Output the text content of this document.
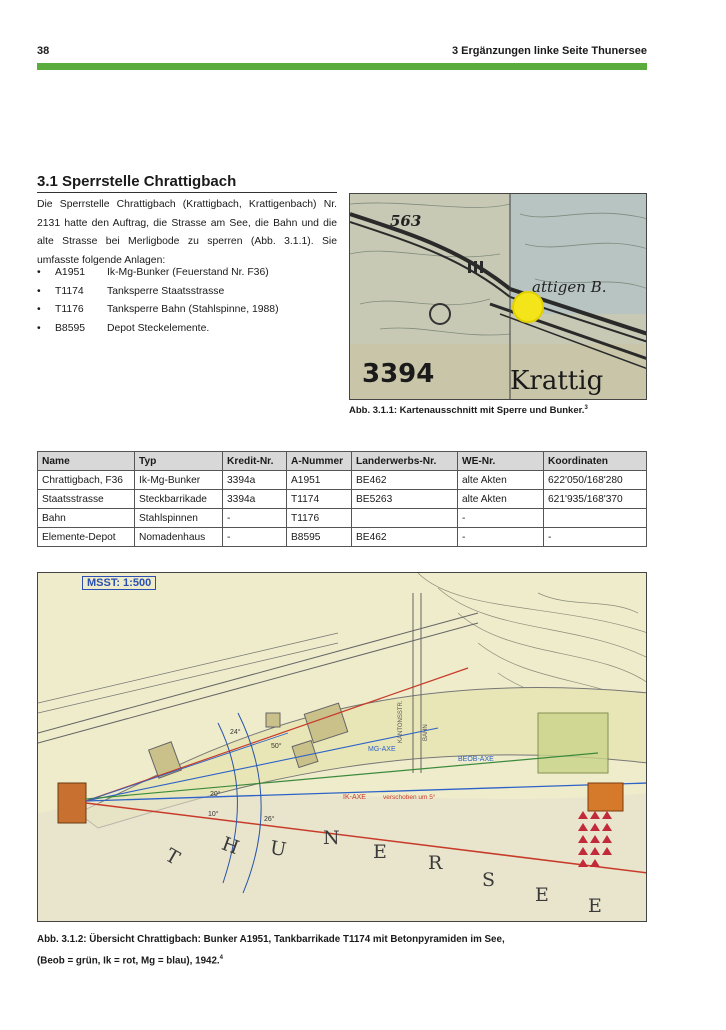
38	3 Ergänzungen linke Seite Thunersee
3.1 Sperrstelle Chrattigbach

Die Sperrstelle Chrattigbach (Krattigbach, Krattigenbach) Nr. 2131 hatte den Auftrag, die Strasse am See, die Bahn und die alte Strasse bei Merligbode zu sperren (Abb. 3.1.1). Sie umfasste folgende Anlagen:

• A1951 Ik-Mg-Bunker (Feuerstand Nr. F36)
• T1174 Tanksperre Staatsstrasse
• T1176 Tanksperre Bahn (Stahlspinne, 1988)
• B8595 Depot Steckelemente.
563
attigen B.
3394	Krattig
Abb. 3.1.1: Kartenausschnitt mit Sperre und Bunker.$^3$
Name	Typ	Kredit-Nr.	A-Nummer	Landerwerbs-Nr.	WE-Nr.	Koordinaten
Chrattigbach, F36	Ik-Mg-Bunker	3394a	A1951	BE462	alte Akten	622'050/168'280
Staatsstrasse	Steckbarrikade	3394a	T1174	BE5263	alte Akten	621'935/168'370
Bahn	Stahlspinnen	-	T1176		-	
Elemente-Depot	Nomadenhaus	-	B8595	BE462	-	-
MSST: 1:500
MG-AXE
BEOB-AXE
IK-AXE	verschoben um 5°
KANTONSSTR.	BAHN
24°
20°
26°
10°
50°
T H U N
E R
S
E E
Abb. 3.1.2: Übersicht Chrattigbach: Bunker A1951, Tankbarrikade T1174 mit Betonpyramiden im See,
(Beob = grün, Ik = rot, Mg = blau), 1942.$^4$
